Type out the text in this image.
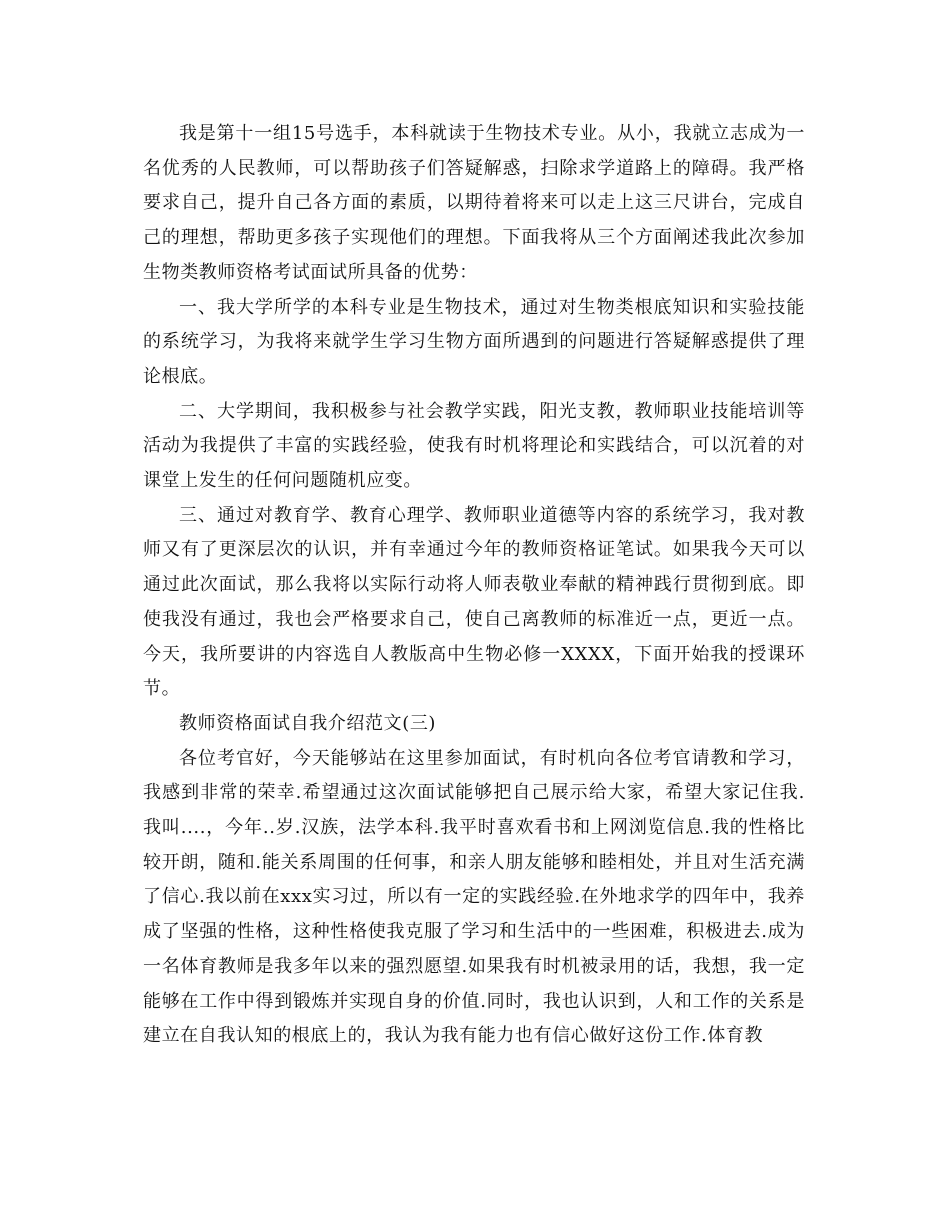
我是第十一组15号选手，本科就读于生物技术专业。从小，我就立志成为一名优秀的人民教师，可以帮助孩子们答疑解惑，扫除求学道路上的障碍。我严格要求自己，提升自己各方面的素质，以期待着将来可以走上这三尺讲台，完成自己的理想，帮助更多孩子实现他们的理想。下面我将从三个方面阐述我此次参加生物类教师资格考试面试所具备的优势：

一、我大学所学的本科专业是生物技术，通过对生物类根底知识和实验技能的系统学习，为我将来就学生学习生物方面所遇到的问题进行答疑解惑提供了理论根底。

二、大学期间，我积极参与社会教学实践，阳光支教，教师职业技能培训等活动为我提供了丰富的实践经验，使我有时机将理论和实践结合，可以沉着的对课堂上发生的任何问题随机应变。

三、通过对教育学、教育心理学、教师职业道德等内容的系统学习，我对教师又有了更深层次的认识，并有幸通过今年的教师资格证笔试。如果我今天可以通过此次面试，那么我将以实际行动将人师表敬业奉献的精神践行贯彻到底。即使我没有通过，我也会严格要求自己，使自己离教师的标准近一点，更近一点。今天，我所要讲的内容选自人教版高中生物必修一XXXX，下面开始我的授课环节。

教师资格面试自我介绍范文(三)

各位考官好，今天能够站在这里参加面试，有时机向各位考官请教和学习，我感到非常的荣幸.希望通过这次面试能够把自己展示给大家，希望大家记住我.我叫....，今年..岁.汉族，法学本科.我平时喜欢看书和上网浏览信息.我的性格比较开朗，随和.能关系周围的任何事，和亲人朋友能够和睦相处，并且对生活充满了信心.我以前在xxx实习过，所以有一定的实践经验.在外地求学的四年中，我养成了坚强的性格，这种性格使我克服了学习和生活中的一些困难，积极进去.成为一名体育教师是我多年以来的强烈愿望.如果我有时机被录用的话，我想，我一定能够在工作中得到锻炼并实现自身的价值.同时，我也认识到，人和工作的关系是建立在自我认知的根底上的，我认为我有能力也有信心做好这份工作.体育教
